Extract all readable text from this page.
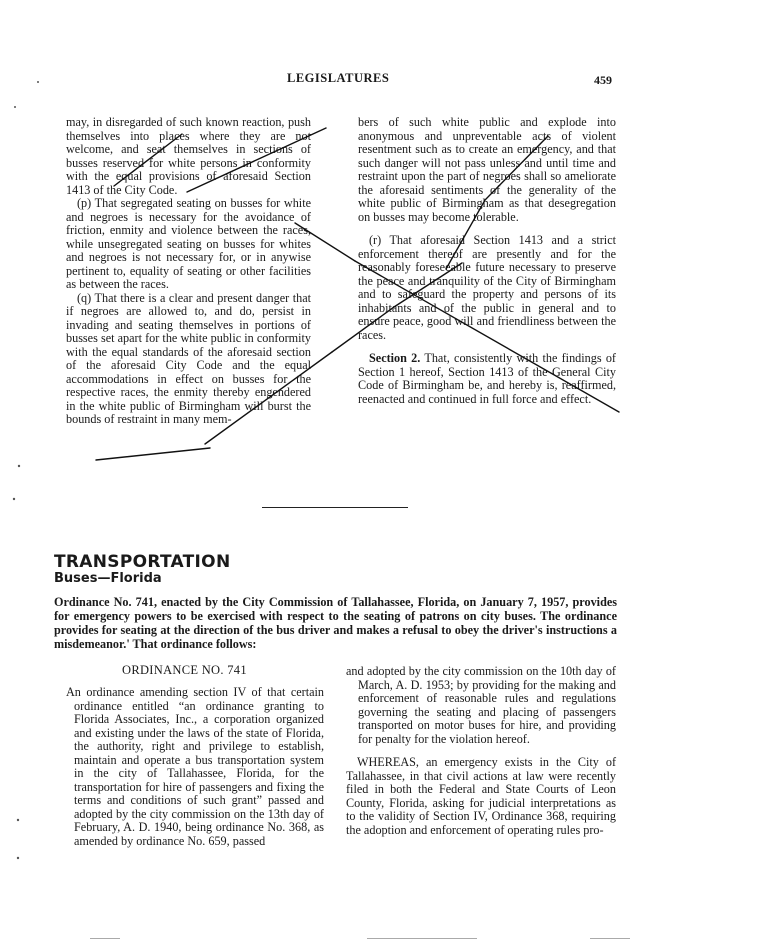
LEGISLATURES	459

may, in disregarded of such known reaction, push themselves into places where they are not welcome, and seat themselves in sections of busses reserved for white persons in conformity with the equal provisions of aforesaid Section 1413 of the City Code.

(p) That segregated seating on busses for white and negroes is necessary for the avoidance of friction, enmity and violence between the races, while unsegregated seating on busses for whites and negroes is not necessary for, or in anywise pertinent to, equality of seating or other facilities as between the races.

(q) That there is a clear and present danger that if negroes are allowed to, and do, persist in invading and seating themselves in portions of busses set apart for the white public in conformity with the equal standards of the aforesaid section of the aforesaid City Code and the equal accommodations in effect on busses for the respective races, the enmity thereby engendered in the white public of Birmingham will burst the bounds of restraint in many mem-

bers of such white public and explode into anonymous and unpreventable acts of violent resentment such as to create an emergency, and that such danger will not pass unless and until time and restraint upon the part of negroes shall so ameliorate the aforesaid sentiments of the generality of the white public of Birmingham as that desegregation on busses may become tolerable.

(r) That aforesaid Section 1413 and a strict enforcement thereof are presently and for the reasonably foreseeable future necessary to preserve the peace and tranquility of the City of Birmingham and to safeguard the property and persons of its inhabitants and of the public in general and to ensure peace, good will and friendliness between the races.

Section 2. That, consistently with the findings of Section 1 hereof, Section 1413 of the General City Code of Birmingham be, and hereby is, reaffirmed, reenacted and continued in full force and effect.

TRANSPORTATION
Buses—Florida
Ordinance No. 741, enacted by the City Commission of Tallahassee, Florida, on January 7, 1957, provides for emergency powers to be exercised with respect to the seating of patrons on city buses. The ordinance provides for seating at the direction of the bus driver and makes a refusal to obey the driver's instructions a misdemeanor.' That ordinance follows:
ORDINANCE NO. 741

An ordinance amending section IV of that certain ordinance entitled “an ordinance granting to Florida Associates, Inc., a corporation organized and existing under the laws of the state of Florida, the authority, right and privilege to establish, maintain and operate a bus transportation system in the city of Tallahassee, Florida, for the transportation for hire of passengers and fixing the terms and conditions of such grant” passed and adopted by the city commission on the 13th day of February, A. D. 1940, being ordinance No. 368, as amended by ordinance No. 659, passed

and adopted by the city commission on the 10th day of March, A. D. 1953; by providing for the making and enforcement of reasonable rules and regulations governing the seating and placing of passengers transported on motor buses for hire, and providing for penalty for the violation hereof.

WHEREAS, an emergency exists in the City of Tallahassee, in that civil actions at law were recently filed in both the Federal and State Courts of Leon County, Florida, asking for judicial interpretations as to the validity of Section IV, Ordinance 368, requiring the adoption and enforcement of operating rules pro-
